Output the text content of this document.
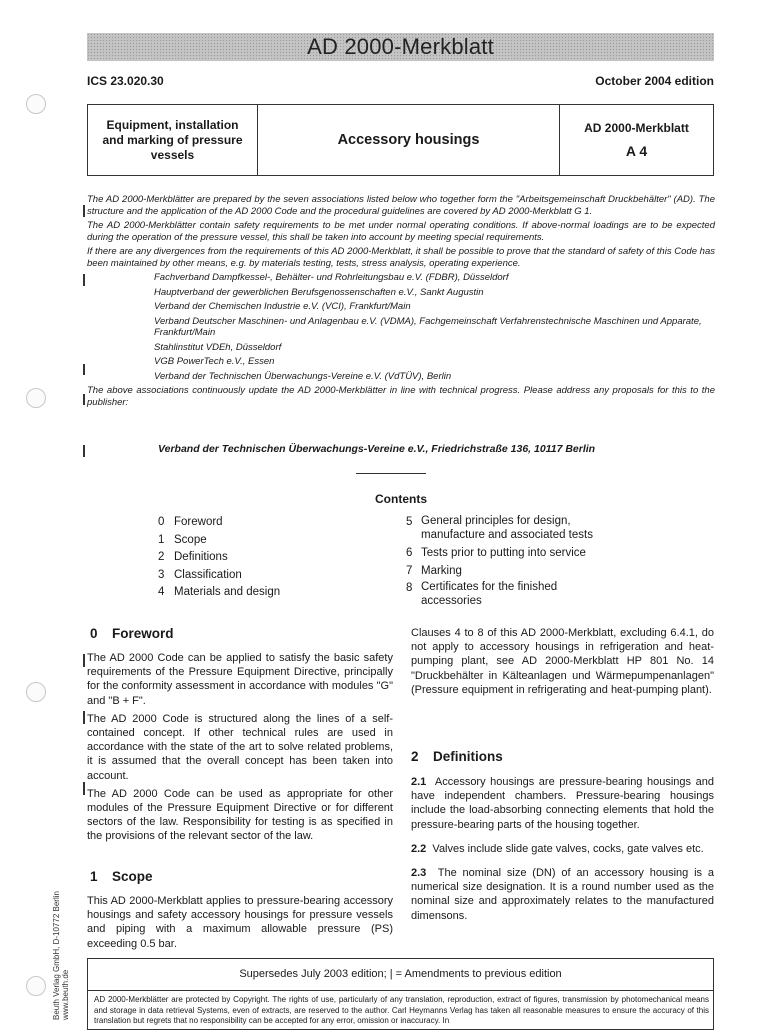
AD 2000-Merkblatt
ICS 23.020.30	October 2004 edition
Equipment, installation and marking of pressure vessels
Accessory housings
AD 2000-Merkblatt
A 4

The AD 2000-Merkblätter are prepared by the seven associations listed below who together form the "Arbeitsgemeinschaft Druckbehälter" (AD). The structure and the application of the AD 2000 Code and the procedural guidelines are covered by AD 2000-Merkblatt G 1.

The AD 2000-Merkblätter contain safety requirements to be met under normal operating conditions. If above-normal loadings are to be expected during the operation of the pressure vessel, this shall be taken into account by meeting special requirements.

If there are any divergences from the requirements of this AD 2000-Merkblatt, it shall be possible to prove that the standard of safety of this Code has been maintained by other means, e.g. by materials testing, tests, stress analysis, operating experience.

Fachverband Dampfkessel-, Behälter- und Rohrleitungsbau e.V. (FDBR), Düsseldorf
Hauptverband der gewerblichen Berufsgenossenschaften e.V., Sankt Augustin
Verband der Chemischen Industrie e.V. (VCI), Frankfurt/Main
Verband Deutscher Maschinen- und Anlagenbau e.V. (VDMA), Fachgemeinschaft Verfahrenstechnische Maschinen und Apparate, Frankfurt/Main
Stahlinstitut VDEh, Düsseldorf
VGB PowerTech e.V., Essen
Verband der Technischen Überwachungs-Vereine e.V. (VdTÜV), Berlin

The above associations continuously update the AD 2000-Merkblätter in line with technical progress. Please address any proposals for this to the publisher:

Verband der Technischen Überwachungs-Vereine e.V., Friedrichstraße 136, 10117 Berlin
Contents
0 Foreword
1 Scope
2 Definitions
3 Classification
4 Materials and design
5 General principles for design, manufacture and associated tests
6 Tests prior to putting into service
7 Marking
8 Certificates for the finished accessories
0 Foreword

The AD 2000 Code can be applied to satisfy the basic safety requirements of the Pressure Equipment Directive, principally for the conformity assessment in accordance with modules "G" and "B + F".

The AD 2000 Code is structured along the lines of a self-contained concept. If other technical rules are used in accordance with the state of the art to solve related problems, it is assumed that the overall concept has been taken into account.

The AD 2000 Code can be used as appropriate for other modules of the Pressure Equipment Directive or for different sectors of the law. Responsibility for testing is as specified in the provisions of the relevant sector of the law.

1 Scope

This AD 2000-Merkblatt applies to pressure-bearing accessory housings and safety accessory housings for pressure vessels and piping with a maximum allowable pressure (PS) exceeding 0.5 bar.

Clauses 4 to 8 of this AD 2000-Merkblatt, excluding 6.4.1, do not apply to accessory housings in refrigeration and heat-pumping plant, see AD 2000-Merkblatt HP 801 No. 14 "Druckbehälter in Kälteanlagen und Wärmepumpenanlagen" (Pressure equipment in refrigerating and heat-pumping plant).

2 Definitions

2.1 Accessory housings are pressure-bearing housings and have independent chambers. Pressure-bearing housings include the load-absorbing connecting elements that hold the pressure-bearing parts of the housing together.

2.2 Valves include slide gate valves, cocks, gate valves etc.

2.3 The nominal size (DN) of an accessory housing is a numerical size designation. It is a round number used as the nominal size and approximately relates to the manufactured dimensons.

Beuth Verlag GmbH, D-10772 Berlin www.beuth.de	Supersedes July 2003 edition; | = Amendments to previous edition
AD 2000-Merkblätter are protected by Copyright. The rights of use, particularly of any translation, reproduction, extract of figures, transmission by photomechanical means and storage in data retrieval Systems, even of extracts, are reserved to the author. Carl Heymanns Verlag has taken all reasonable measures to ensure the accuracy of this translation but regrets that no responsibility can be accepted for any error, omission or inaccuracy. In
